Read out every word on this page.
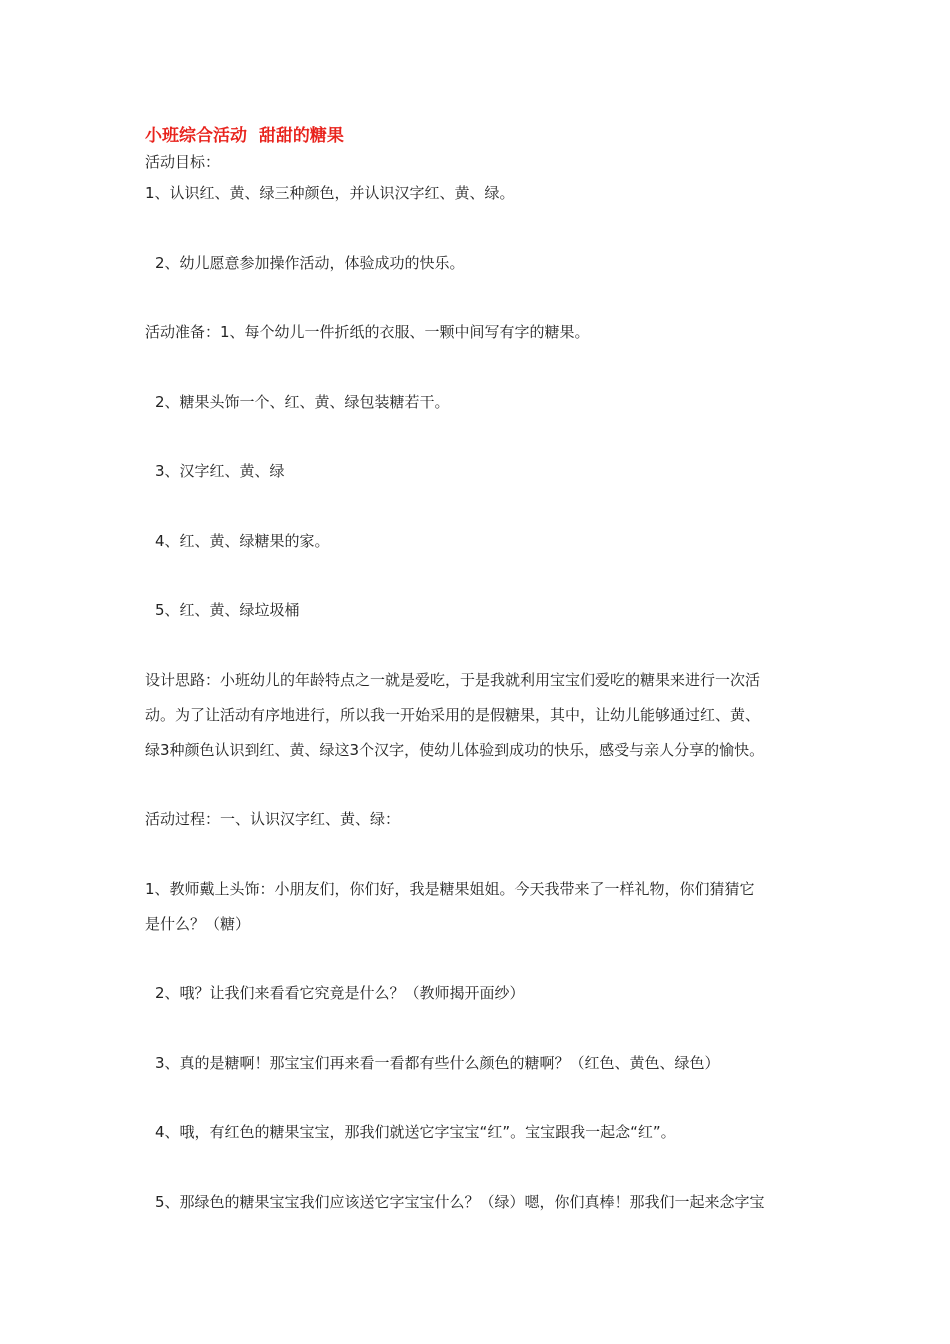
小班综合活动  甜甜的糖果
活动目标：
1、认识红、黄、绿三种颜色，并认识汉字红、黄、绿。
2、幼儿愿意参加操作活动，体验成功的快乐。
活动准备：1、每个幼儿一件折纸的衣服、一颗中间写有字的糖果。
2、糖果头饰一个、红、黄、绿包装糖若干。
3、汉字红、黄、绿
4、红、黄、绿糖果的家。
5、红、黄、绿垃圾桶
设计思路：小班幼儿的年龄特点之一就是爱吃，于是我就利用宝宝们爱吃的糖果来进行一次活
动。为了让活动有序地进行，所以我一开始采用的是假糖果，其中，让幼儿能够通过红、黄、
绿3种颜色认识到红、黄、绿这3个汉字，使幼儿体验到成功的快乐，感受与亲人分享的愉快。
活动过程：一、认识汉字红、黄、绿：
1、教师戴上头饰：小朋友们，你们好，我是糖果姐姐。今天我带来了一样礼物，你们猜猜它
是什么？（糖）
2、哦？让我们来看看它究竟是什么？（教师揭开面纱）
3、真的是糖啊！那宝宝们再来看一看都有些什么颜色的糖啊？（红色、黄色、绿色）
4、哦，有红色的糖果宝宝，那我们就送它字宝宝“红”。宝宝跟我一起念“红”。
5、那绿色的糖果宝宝我们应该送它字宝宝什么？（绿）嗯，你们真棒！那我们一起来念字宝
